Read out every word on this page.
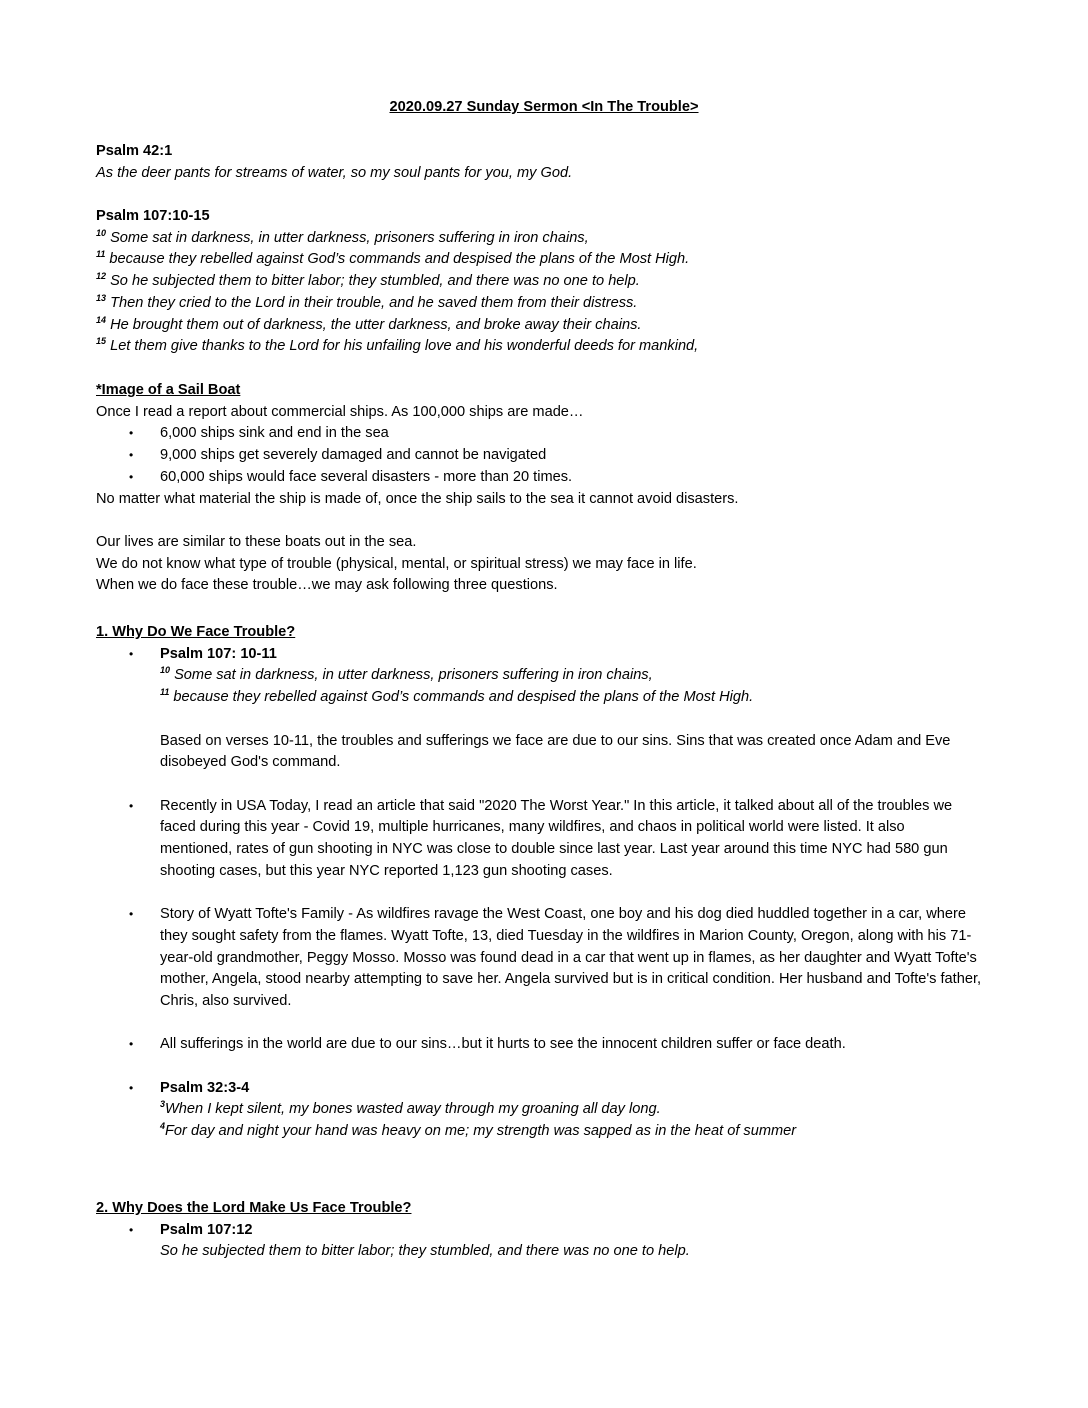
2020.09.27 Sunday Sermon <In The Trouble>
Psalm 42:1
As the deer pants for streams of water, so my soul pants for you, my God.
Psalm 107:10-15
$^{10}$ Some sat in darkness, in utter darkness, prisoners suffering in iron chains,
$^{11}$ because they rebelled against God’s commands and despised the plans of the Most High.
$^{12}$ So he subjected them to bitter labor; they stumbled, and there was no one to help.
$^{13}$ Then they cried to the Lord in their trouble, and he saved them from their distress.
$^{14}$ He brought them out of darkness, the utter darkness, and broke away their chains.
$^{15}$ Let them give thanks to the Lord for his unfailing love and his wonderful deeds for mankind,
*Image of a Sail Boat
Once I read a report about commercial ships. As 100,000 ships are made…
• 6,000 ships sink and end in the sea
• 9,000 ships get severely damaged and cannot be navigated
• 60,000 ships would face several disasters - more than 20 times.
No matter what material the ship is made of, once the ship sails to the sea it cannot avoid disasters.
Our lives are similar to these boats out in the sea.
We do not know what type of trouble (physical, mental, or spiritual stress) we may face in life.
When we do face these trouble…we may ask following three questions.
1. Why Do We Face Trouble?
• Psalm 107: 10-11
$^{10}$ Some sat in darkness, in utter darkness, prisoners suffering in iron chains,
$^{11}$ because they rebelled against God’s commands and despised the plans of the Most High.
Based on verses 10-11, the troubles and sufferings we face are due to our sins. Sins that was created once Adam and Eve disobeyed God's command.
• Recently in USA Today, I read an article that said "2020 The Worst Year." In this article, it talked about all of the troubles we faced during this year - Covid 19, multiple hurricanes, many wildfires, and chaos in political world were listed. It also mentioned, rates of gun shooting in NYC was close to double since last year. Last year around this time NYC had 580 gun shooting cases, but this year NYC reported 1,123 gun shooting cases.
• Story of Wyatt Tofte's Family - As wildfires ravage the West Coast, one boy and his dog died huddled together in a car, where they sought safety from the flames. Wyatt Tofte, 13, died Tuesday in the wildfires in Marion County, Oregon, along with his 71-year-old grandmother, Peggy Mosso. Mosso was found dead in a car that went up in flames, as her daughter and Wyatt Tofte's mother, Angela, stood nearby attempting to save her. Angela survived but is in critical condition. Her husband and Tofte's father, Chris, also survived.
• All sufferings in the world are due to our sins…but it hurts to see the innocent children suffer or face death.
• Psalm 32:3-4
$^3$When I kept silent, my bones wasted away through my groaning all day long.
$^4$For day and night your hand was heavy on me; my strength was sapped as in the heat of summer
2. Why Does the Lord Make Us Face Trouble?
• Psalm 107:12
So he subjected them to bitter labor; they stumbled, and there was no one to help.
